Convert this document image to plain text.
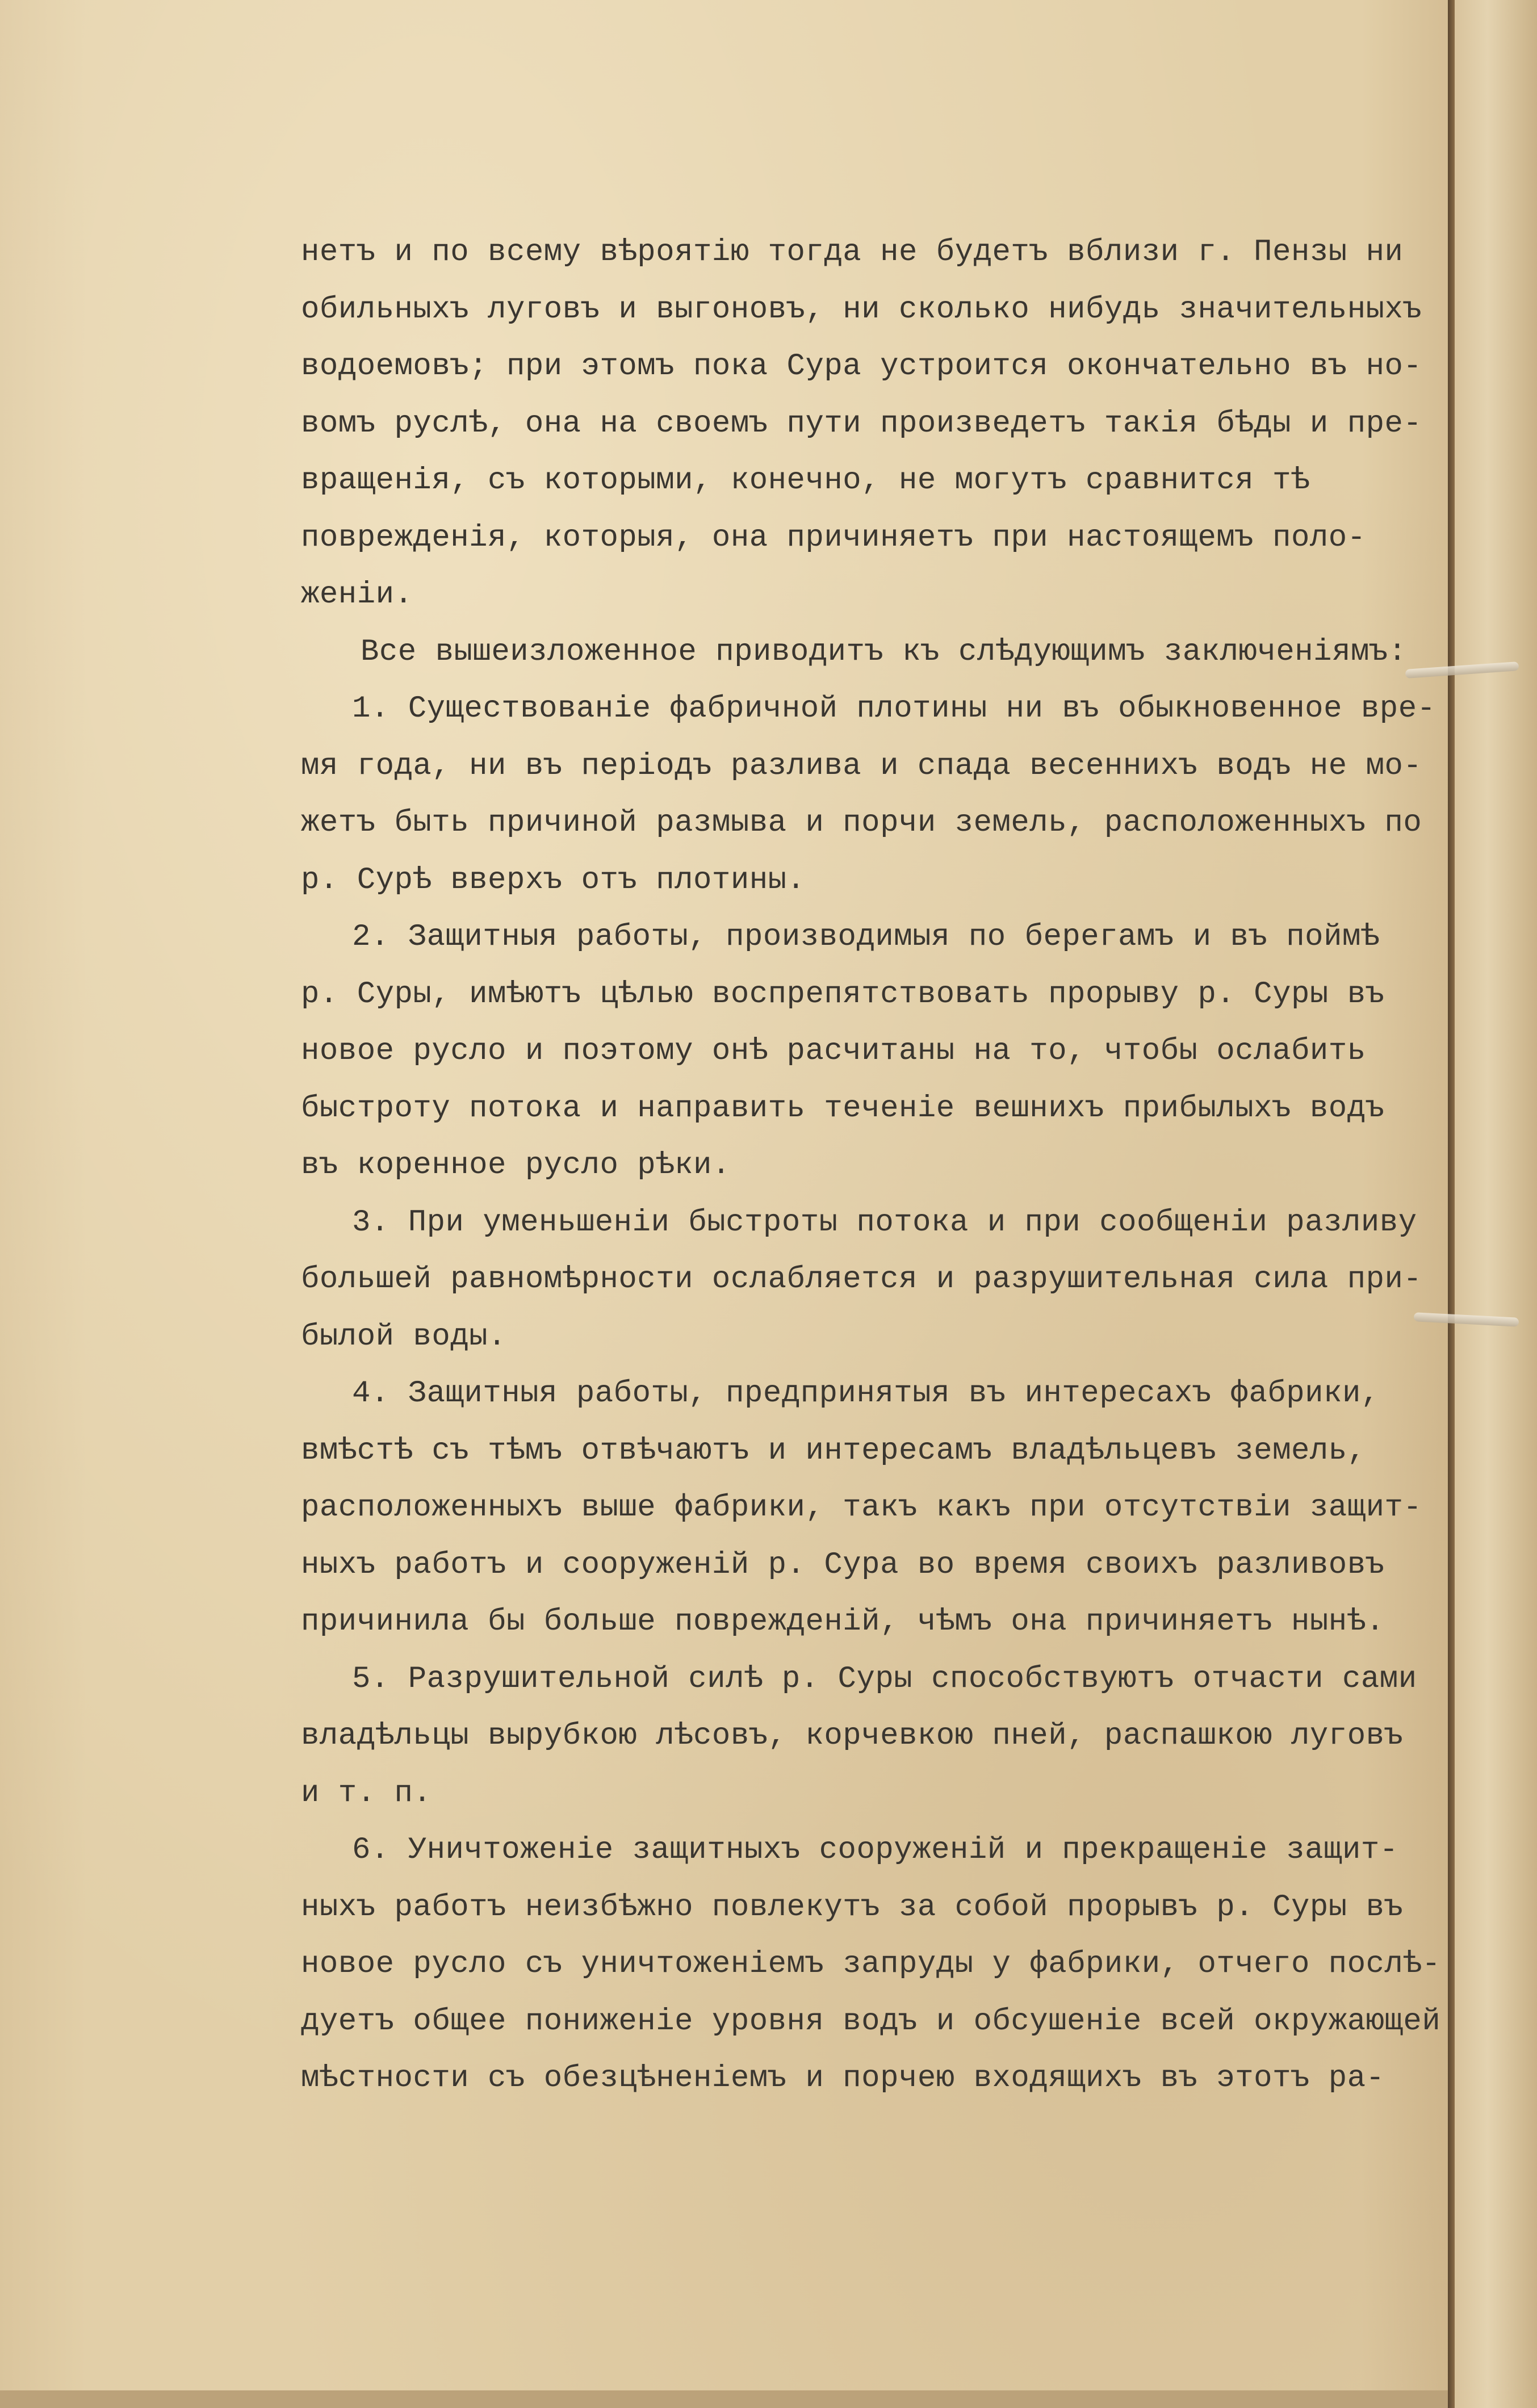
нетъ и по всему вѣроятію тогда не будетъ вблизи г. Пензы ни
обильныхъ луговъ и выгоновъ, ни сколько нибудь значительныхъ
водоемовъ; при этомъ пока Сура устроится окончательно въ но-
вомъ руслѣ, она на своемъ пути произведетъ такія бѣды и пре-
вращенія, съ которыми, конечно, не могутъ сравнится тѣ
поврежденія, которыя, она причиняетъ при настоящемъ поло-
женіи.
Все вышеизложенное приводитъ къ слѣдующимъ заключеніямъ:
1. Существованіе фабричной плотины ни въ обыкновенное вре-
мя года, ни въ періодъ разлива и спада весеннихъ водъ не мо-
жетъ быть причиной размыва и порчи земель, расположенныхъ по
р. Сурѣ вверхъ отъ плотины.
2. Защитныя работы, производимыя по берегамъ и въ поймѣ
р. Суры, имѣютъ цѣлью воспрепятствовать прорыву р. Суры въ
новое русло и поэтому онѣ расчитаны на то, чтобы ослабить
быстроту потока и направить теченіе вешнихъ прибылыхъ водъ
въ коренное русло рѣки.
3. При уменьшеніи быстроты потока и при сообщеніи разливу
большей равномѣрности ослабляется и разрушительная сила при-
былой воды.
4. Защитныя работы, предпринятыя въ интересахъ фабрики,
вмѣстѣ съ тѣмъ отвѣчаютъ и интересамъ владѣльцевъ земель,
расположенныхъ выше фабрики, такъ какъ при отсутствіи защит-
ныхъ работъ и сооруженій р. Сура во время своихъ разливовъ
причинила бы больше поврежденій, чѣмъ она причиняетъ нынѣ.
5. Разрушительной силѣ р. Суры способствуютъ отчасти сами
владѣльцы вырубкою лѣсовъ, корчевкою пней, распашкою луговъ
и т. п.
6. Уничтоженіе защитныхъ сооруженій и прекращеніе защит-
ныхъ работъ неизбѣжно повлекутъ за собой прорывъ р. Суры въ
новое русло съ уничтоженіемъ запруды у фабрики, отчего послѣ-
дуетъ общее пониженіе уровня водъ и обсушеніе всей окружающей
мѣстности съ обезцѣненіемъ и порчею входящихъ въ этотъ ра-
